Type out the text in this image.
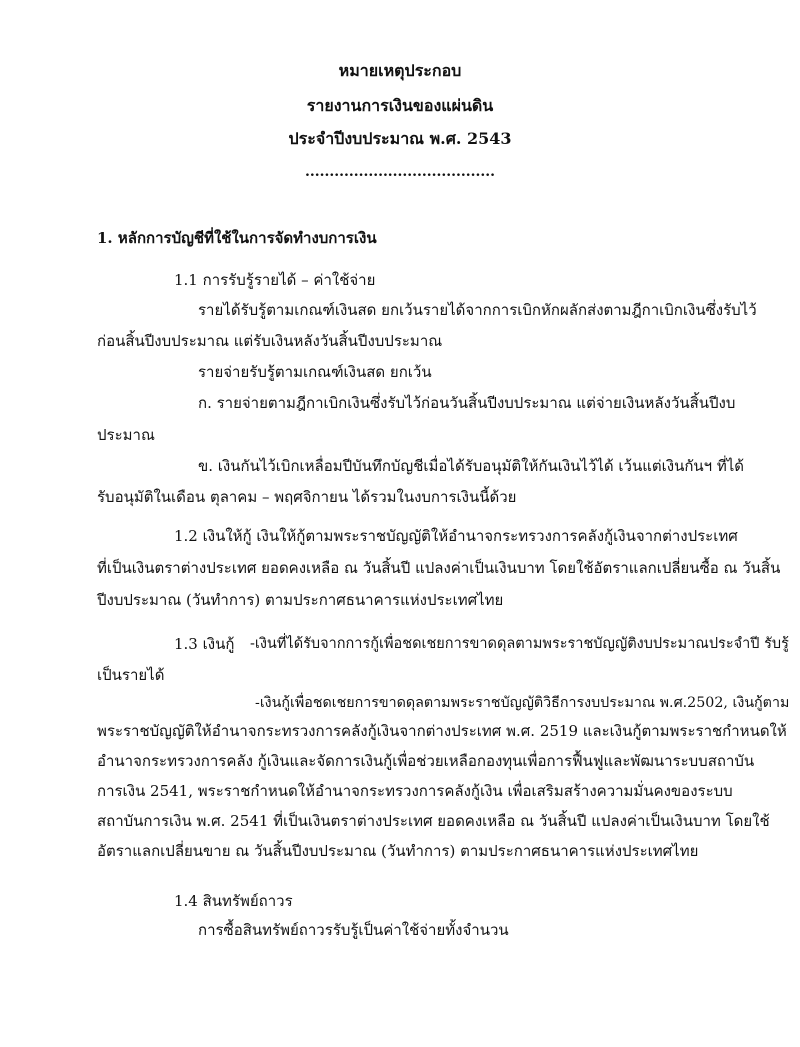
หมายเหตุประกอบ
รายงานการเงินของแผ่นดิน
ประจำปีงบประมาณ พ.ศ. 2543
.......................................
1. หลักการบัญชีที่ใช้ในการจัดทำงบการเงิน
1.1 การรับรู้รายได้ – ค่าใช้จ่าย
รายได้รับรู้ตามเกณฑ์เงินสด ยกเว้นรายได้จากการเบิกหักผลักส่งตามฎีกาเบิกเงินซึ่งรับไว้
ก่อนสิ้นปีงบประมาณ แต่รับเงินหลังวันสิ้นปีงบประมาณ
รายจ่ายรับรู้ตามเกณฑ์เงินสด ยกเว้น
ก. รายจ่ายตามฎีกาเบิกเงินซึ่งรับไว้ก่อนวันสิ้นปีงบประมาณ แต่จ่ายเงินหลังวันสิ้นปีงบ
ประมาณ
ข. เงินกันไว้เบิกเหลื่อมปีบันทึกบัญชีเมื่อได้รับอนุมัติให้กันเงินไว้ได้ เว้นแต่เงินกันฯ ที่ได้
รับอนุมัติในเดือน ตุลาคม – พฤศจิกายน ได้รวมในงบการเงินนี้ด้วย
1.2 เงินให้กู้ เงินให้กู้ตามพระราชบัญญัติให้อำนาจกระทรวงการคลังกู้เงินจากต่างประเทศ
ที่เป็นเงินตราต่างประเทศ ยอดคงเหลือ ณ วันสิ้นปี แปลงค่าเป็นเงินบาท โดยใช้อัตราแลกเปลี่ยนซื้อ ณ วันสิ้น
ปีงบประมาณ (วันทำการ) ตามประกาศธนาคารแห่งประเทศไทย
1.3 เงินกู้ -เงินที่ได้รับจากการกู้เพื่อชดเชยการขาดดุลตามพระราชบัญญัติงบประมาณประจำปี รับรู้
เป็นรายได้
-เงินกู้เพื่อชดเชยการขาดดุลตามพระราชบัญญัติวิธีการงบประมาณ พ.ศ.2502, เงินกู้ตาม
พระราชบัญญัติให้อำนาจกระทรวงการคลังกู้เงินจากต่างประเทศ พ.ศ. 2519 และเงินกู้ตามพระราชกำหนดให้
อำนาจกระทรวงการคลัง กู้เงินและจัดการเงินกู้เพื่อช่วยเหลือกองทุนเพื่อการฟื้นฟูและพัฒนาระบบสถาบัน
การเงิน 2541, พระราชกำหนดให้อำนาจกระทรวงการคลังกู้เงิน เพื่อเสริมสร้างความมั่นคงของระบบ
สถาบันการเงิน พ.ศ. 2541 ที่เป็นเงินตราต่างประเทศ ยอดคงเหลือ ณ วันสิ้นปี แปลงค่าเป็นเงินบาท โดยใช้
อัตราแลกเปลี่ยนขาย ณ วันสิ้นปีงบประมาณ (วันทำการ) ตามประกาศธนาคารแห่งประเทศไทย
1.4 สินทรัพย์ถาวร
การซื้อสินทรัพย์ถาวรรับรู้เป็นค่าใช้จ่ายทั้งจำนวน
